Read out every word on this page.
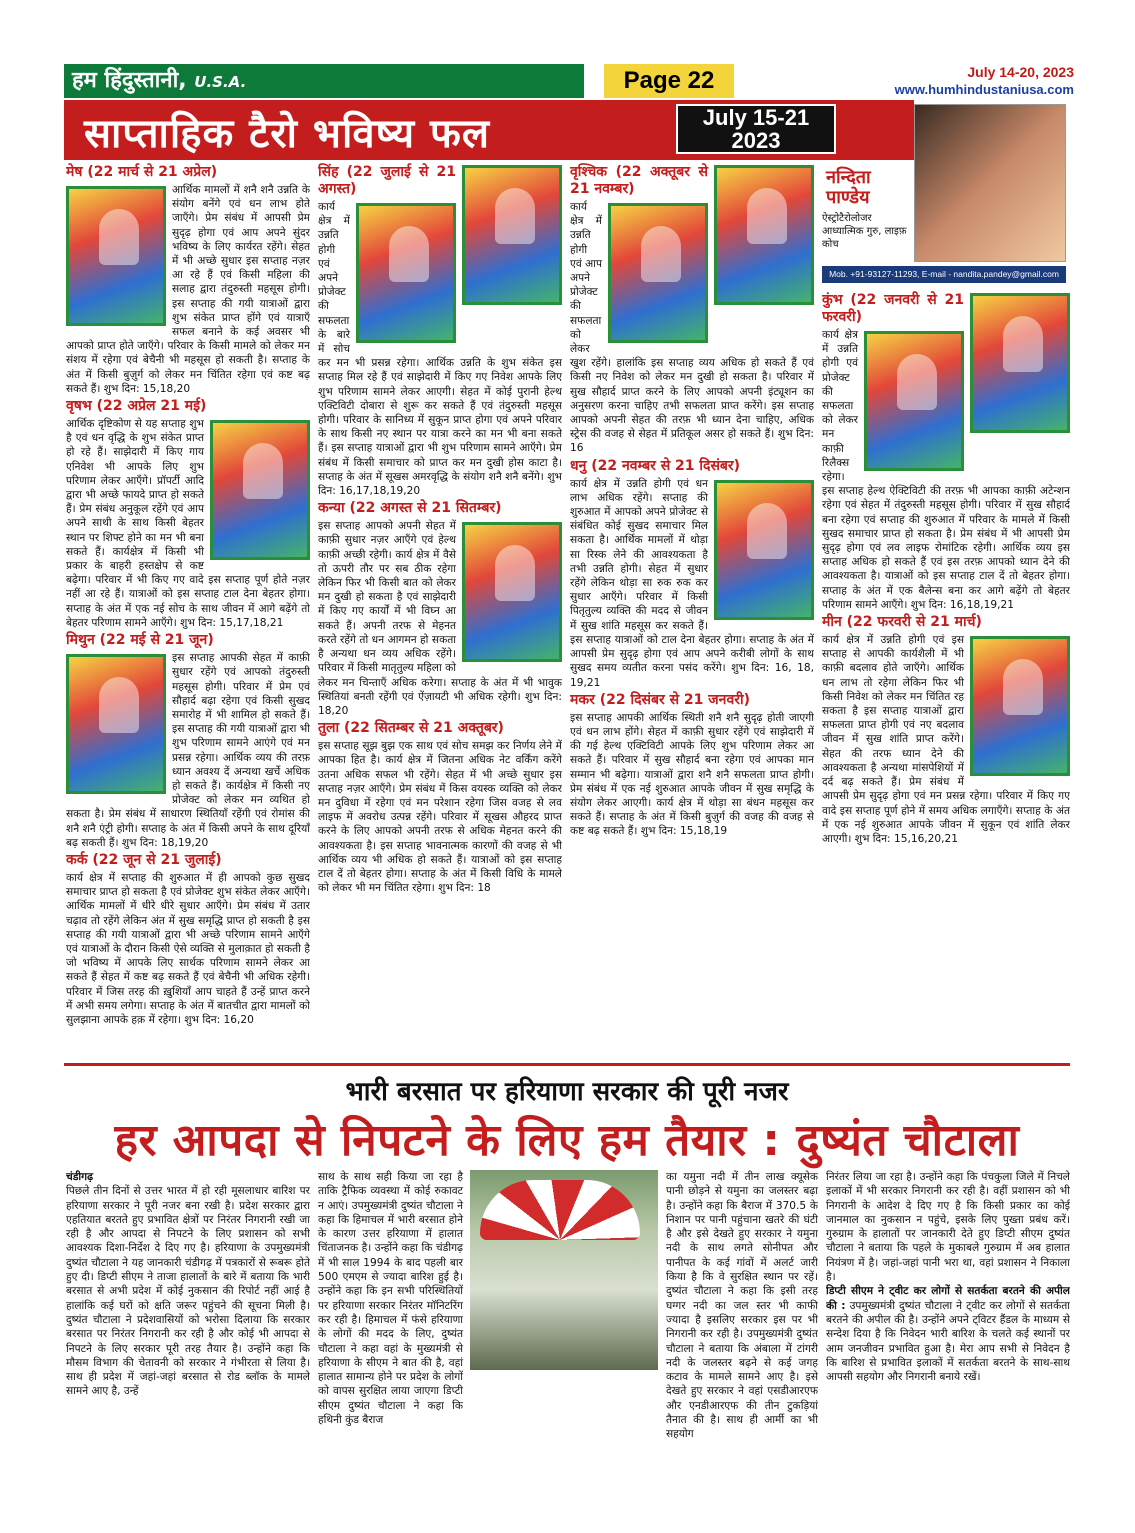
हम हिंदुस्तानी, U.S.A.	Page 22	July 14-20, 2023
www.humhindustaniusa.com
साप्ताहिक टैरो भविष्य फल	July 15-21
2023
नन्दिता
पाण्डेय
ऐस्ट्रोटैरोलोजर आध्यात्मिक गुरु, लाइफ़ कोच
Mob. +91-93127-11293, E-mail - nandita.pandey@gmail.com
मेष (22 मार्च से 21 अप्रेल)

आर्थिक मामलों में शनै शनै उन्नति के संयोग बनेंगे एवं धन लाभ होते जाएँगे। प्रेम संबंध में आपसी प्रेम सुदृढ़ होगा एवं आप अपने सुंदर भविष्य के लिए कार्यरत रहेंगे। सेहत में भी अच्छे सुधार इस सप्ताह नज़र आ रहे हैं एवं किसी महिला की सलाह द्वारा तंदुरुस्ती महसूस होगी। इस सप्ताह की गयी यात्राओं द्वारा शुभ संकेत प्राप्त होंगे एवं यात्राएँ सफल बनाने के कई अवसर भी आपको प्राप्त होते जाएँगे। परिवार के किसी मामले को लेकर मन संशय में रहेगा एवं बेचैनी भी महसूस हो सकती है। सप्ताह के अंत में किसी बुज़ुर्ग को लेकर मन चिंतित रहेगा एवं कष्ट बढ़ सकते हैं। शुभ दिन: 15,18,20

वृषभ (22 अप्रेल 21 मई)

आर्थिक दृष्टिकोण से यह सप्ताह शुभ है एवं धन वृद्धि के शुभ संकेत प्राप्त हो रहे हैं। साझेदारी में किए गाय एनिवेश भी आपके लिए शुभ परिणाम लेकर आएँगे। प्रॉपर्टी आदि द्वारा भी अच्छे फायदे प्राप्त हो सकते हैं। प्रेम संबंध अनुकूल रहेंगे एवं आप अपने साथी के साथ किसी बेहतर स्थान पर शिफ्ट होने का मन भी बना सकते हैं। कार्यक्षेत्र में किसी भी प्रकार के बाहरी हस्तक्षेप से कष्ट बढ़ेगा। परिवार में भी किए गए वादे इस सप्ताह पूर्ण होते नज़र नहीं आ रहे हैं। यात्राओं को इस सप्ताह टाल देना बेहतर होगा। सप्ताह के अंत में एक नई सोच के साथ जीवन में आगे बढ़ेंगे तो बेहतर परिणाम सामने आएँगे। शुभ दिन: 15,17,18,21

मिथुन (22 मई से 21 जून)

इस सप्ताह आपकी सेहत में काफ़ी सुधार रहेंगे एवं आपको तंदुरुस्ती महसूस होगी। परिवार में प्रेम एवं सौहार्द बढ़ा रहेगा एवं किसी सुखद समारोह में भी शामिल हो सकते हैं। इस सप्ताह की गयी यात्राओं द्वारा भी शुभ परिणाम सामने आएंगे एवं मन प्रसन्न रहेगा। आर्थिक व्यय की तरफ़ ध्यान अवश्य दें अन्यथा खर्चे अधिक हो सकते हैं। कार्यक्षेत्र में किसी नए प्रोजेक्ट को लेकर मन व्यथित हो सकता है। प्रेम संबंध में साधारण स्थितियाँ रहेंगी एवं रोमांस की शनै शनै एंट्री होगी। सप्ताह के अंत में किसी अपने के साथ दूरियाँ बढ़ सकती हैं। शुभ दिन: 18,19,20

कर्क (22 जून से 21 जुलाई)

कार्य क्षेत्र में सप्ताह की शुरुआत में ही आपको कुछ सुखद समाचार प्राप्त हो सकता है एवं प्रोजेक्ट शुभ संकेत लेकर आएँगे। आर्थिक मामलों में धीरे धीरे सुधार आएँगे। प्रेम संबंध में उतार चढ़ाव तो रहेंगे लेकिन अंत में सुख समृद्धि प्राप्त हो सकती है इस सप्ताह की गयी यात्राओं द्वारा भी अच्छे परिणाम सामने आएँगे एवं यात्राओं के दौरान किसी ऐसे व्यक्ति से मुलाक़ात हो सकती है जो भविष्य में आपके लिए सार्थक परिणाम सामने लेकर आ सकते हैं सेहत में कष्ट बढ़ सकते हैं एवं बेचैनी भी अधिक रहेगी। परिवार में जिस तरह की ख़ुशियाँ आप चाहते हैं उन्हें प्राप्त करने में अभी समय लगेगा। सप्ताह के अंत में बातचीत द्वारा मामलों को सुलझाना आपके हक़ में रहेगा। शुभ दिन: 16,20

सिंह (22 जुलाई से 21 अगस्त)

कार्य क्षेत्र में उन्नति होगी एवं अपने प्रोजेक्ट की सफलता के बारे में सोच कर मन भी प्रसन्न रहेगा। आर्थिक उन्नति के शुभ संकेत इस सप्ताह मिल रहे हैं एवं साझेदारी में किए गए निवेश आपके लिए शुभ परिणाम सामने लेकर आएगी। सेहत में कोई पुरानी हेल्थ एक्टिविटी दोबारा से शुरू कर सकते हैं एवं तंदुरुस्ती महसूस होगी। परिवार के सानिध्य में सुकून प्राप्त होगा एवं अपने परिवार के साथ किसी नए स्थान पर यात्रा करने का मन भी बना सकते हैं। इस सप्ताह यात्राओं द्वारा भी शुभ परिणाम सामने आएँगे। प्रेम संबंध में किसी समाचार को प्राप्त कर मन दुखी होस काटा है। सप्ताह के अंत में सूखस अमरवृद्धि के संयोग शनै शनै बनेंगे। शुभ दिन: 16,17,18,19,20

कन्या (22 अगस्त से 21 सितम्बर)

इस सप्ताह आपको अपनी सेहत में काफ़ी सुधार नज़र आएँगे एवं हेल्थ काफ़ी अच्छी रहेगी। कार्य क्षेत्र में वैसे तो ऊपरी तौर पर सब ठीक रहेगा लेकिन फिर भी किसी बात को लेकर मन दुखी हो सकता है एवं साझेदारी में किए गए कार्यों में भी विघ्न आ सकते हैं। अपनी तरफ से मेहनत करते रहेंगे तो धन आगमन हो सकता है अन्यथा धन व्यय अधिक रहेंगे। परिवार में किसी मातृतुल्य महिला को लेकर मन चिन्ताएँ अधिक करेगा। सप्ताह के अंत में भी भावुक स्थितियां बनती रहेंगी एवं ऐंज़ायटी भी अधिक रहेगी। शुभ दिन: 18,20

तुला (22 सितम्बर से 21 अक्तूबर)

इस सप्ताह सूझ बुझ एक साथ एवं सोच समझ कर निर्णय लेने में आपका हित है। कार्य क्षेत्र में जितना अधिक नेट वर्किंग करेंगे उतना अधिक सफल भी रहेंगे। सेहत में भी अच्छे सुधार इस सप्ताह नज़र आएँगे। प्रेम संबंध में किस वयस्क व्यक्ति को लेकर मन दुविधा में रहेगा एवं मन परेशान रहेगा जिस वजह से लव लाइफ में अवरोध उत्पन्न रहेंगे। परिवार में सूखस औहरद प्राप्त करने के लिए आपको अपनी तरफ से अधिक मेहनत करने की आवश्यकता है। इस सप्ताह भावनात्मक कारणों की वजह से भी आर्थिक व्यय भी अधिक हो सकते हैं। यात्राओं को इस सप्ताह टाल दें तो बेहतर होगा। सप्ताह के अंत में किसी विधि के मामले को लेकर भी मन चिंतित रहेगा। शुभ दिन: 18

वृश्चिक (22 अक्तूबर से 21 नवम्बर)

कार्य क्षेत्र में उन्नति होगी एवं आप अपने प्रोजेक्ट की सफलता को लेकर खुश रहेंगे। हालांकि इस सप्ताह व्यय अधिक हो सकते हैं एवं किसी नए निवेश को लेकर मन दुखी हो सकता है। परिवार में सुख सौहार्द प्राप्त करने के लिए आपको अपनी इंट्यूशन का अनुसरण करना चाहिए तभी सफलता प्राप्त करेंगे। इस सप्ताह आपको अपनी सेहत की तरफ़ भी ध्यान देना चाहिए, अधिक स्ट्रेस की वजह से सेहत में प्रतिकूल असर हो सकते हैं। शुभ दिन: 16

धनु (22 नवम्बर से 21 दिसंबर)

कार्य क्षेत्र में उन्नति होगी एवं धन लाभ अधिक रहेंगे। सप्ताह की शुरुआत में आपको अपने प्रोजेक्ट से संबंधित कोई सुखद समाचार मिल सकता है। आर्थिक मामलों में थोड़ा सा रिस्क लेने की आवश्यकता है तभी उन्नति होगी। सेहत में सुधार रहेंगे लेकिन थोड़ा सा रुक रुक कर सुधार आएँगे। परिवार में किसी पितृतुल्य व्यक्ति की मदद से जीवन में सुख शांति महसूस कर सकते हैं। इस सप्ताह यात्राओं को टाल देना बेहतर होगा। सप्ताह के अंत में आपसी प्रेम सुदृढ़ होगा एवं आप अपने करीबी लोगों के साथ सुखद समय व्यतीत करना पसंद करेंगे। शुभ दिन: 16, 18, 19,21

मकर (22 दिसंबर से 21 जनवरी)

इस सप्ताह आपकी आर्थिक स्थिती शनै शनै सुदृढ़ होती जाएगी एवं धन लाभ होंगे। सेहत में काफ़ी सुधार रहेंगे एवं साझेदारी में की गई हेल्थ एक्टिविटी आपके लिए शुभ परिणाम लेकर आ सकते हैं। परिवार में सुख सौहार्द बना रहेगा एवं आपका मान सम्मान भी बढ़ेगा। यात्राओं द्वारा शनै शनै सफलता प्राप्त होगी। प्रेम संबंध में एक नई शुरुआत आपके जीवन में सुख समृद्धि के संयोग लेकर आएगी। कार्य क्षेत्र में थोड़ा सा बंधन महसूस कर सकते हैं। सप्ताह के अंत में किसी बुज़ुर्ग की वजह की वजह से कष्ट बढ़ सकते हैं। शुभ दिन: 15,18,19

कुंभ (22 जनवरी से 21 फरवरी)

कार्य क्षेत्र में उन्नति होगी एवं प्रोजेक्ट की सफलता को लेकर मन काफ़ी रिलैक्स रहेगा। इस सप्ताह हेल्थ ऐक्टिविटी की तरफ़ भी आपका काफ़ी अटेन्शन रहेगा एवं सेहत में तंदुरुस्ती महसूस होगी। परिवार में सुख सौहार्द बना रहेगा एवं सप्ताह की शुरुआत में परिवार के मामले में किसी सुखद समाचार प्राप्त हो सकता है। प्रेम संबंध में भी आपसी प्रेम सुदृढ़ होगा एवं लव लाइफ रोमांटिक रहेगी। आर्थिक व्यय इस सप्ताह अधिक हो सकते हैं एवं इस तरफ़ आपको ध्यान देने की आवश्यकता है। यात्राओं को इस सप्ताह टाल दें तो बेहतर होगा। सप्ताह के अंत में एक बैलेन्स बना कर आगे बढ़ेंगे तो बेहतर परिणाम सामने आएँगे। शुभ दिन: 16,18,19,21

मीन (22 फरवरी से 21 मार्च)

कार्य क्षेत्र में उन्नति होगी एवं इस सप्ताह से आपकी कार्यशैली में भी काफ़ी बदलाव होते जाएँगे। आर्थिक धन लाभ तो रहेगा लेकिन फिर भी किसी निवेश को लेकर मन चिंतित रह सकता है इस सप्ताह यात्राओं द्वारा सफलता प्राप्त होगी एवं नए बदलाव जीवन में सुख शांति प्राप्त करेंगे। सेहत की तरफ ध्यान देने की आवश्यकता है अन्यथा मांसपेशियों में दर्द बढ़ सकते हैं। प्रेम संबंध में आपसी प्रेम सुदृढ़ होगा एवं मन प्रसन्न रहेगा। परिवार में किए गए वादे इस सप्ताह पूर्ण होने में समय अधिक लगाएँगे। सप्ताह के अंत में एक नई शुरुआत आपके जीवन में सुकून एवं शांति लेकर आएगी। शुभ दिन: 15,16,20,21

भारी बरसात पर हरियाणा सरकार की पूरी नजर
हर आपदा से निपटने के लिए हम तैयार : दुष्यंत चौटाला
चंडीगढ़

पिछले तीन दिनों से उत्तर भारत में हो रही मूसलाधार बारिश पर हरियाणा सरकार ने पूरी नजर बना रखी है। प्रदेश सरकार द्वारा एहतियात बरतते हुए प्रभावित क्षेत्रों पर निरंतर निगरानी रखी जा रही है और आपदा से निपटने के लिए प्रशासन को सभी आवश्यक दिशा-निर्देश दे दिए गए है। हरियाणा के उपमुख्यमंत्री दुष्यंत चौटाला ने यह जानकारी चंडीगढ़ में पत्रकारों से रूबरू होते हुए दी। डिप्टी सीएम ने ताजा हालातों के बारे में बताया कि भारी बरसात से अभी प्रदेश में कोई नुकसान की रिपोर्ट नहीं आई है हालांकि कई घरों को क्षति जरूर पहुंचने की सूचना मिली है। दुष्यंत चौटाला ने प्रदेशवासियों को भरोसा दिलाया कि सरकार बरसात पर निरंतर निगरानी कर रही है और कोई भी आपदा से निपटने के लिए सरकार पूरी तरह तैयार है। उन्होंने कहा कि मौसम विभाग की चेतावनी को सरकार ने गंभीरता से लिया है। साथ ही प्रदेश में जहां-जहां बरसात से रोड ब्लॉक के मामले सामने आए है, उन्हें

साथ के साथ सही किया जा रहा है ताकि ट्रैफिक व्यवस्था में कोई रुकावट न आएं। उपमुख्यमंत्री दुष्यंत चौटाला ने कहा कि हिमाचल में भारी बरसात होने के कारण उत्तर हरियाणा में हालात चिंताजनक है। उन्होंने कहा कि चंडीगढ़ में भी साल 1994 के बाद पहली बार 500 एमएम से ज्यादा बारिश हुई है। उन्होंने कहा कि इन सभी परिस्थितियों पर हरियाणा सरकार निरंतर मॉनिटरिंग कर रही है। हिमाचल में फंसे हरियाणा के लोगों की मदद के लिए, दुष्यंत चौटाला ने कहा वहां के मुख्यमंत्री से हरियाणा के सीएम ने बात की है, वहां हालात सामान्य होने पर प्रदेश के लोगों को वापस सुरक्षित लाया जाएगा डिप्टी सीएम दुष्यंत चौटाला ने कहा कि हथिनी कुंड बैराज

का यमुना नदी में तीन लाख क्यूसेक पानी छोड़ने से यमुना का जलस्तर बढ़ा है। उन्होंने कहा कि बैराज में 370.5 के निशान पर पानी पहुंचाना खतरे की घंटी है और इसे देखते हुए सरकार ने यमुना नदी के साथ लगते सोनीपत और पानीपत के कई गांवों में अलर्ट जारी किया है कि वे सुरक्षित स्थान पर रहें। दुष्यंत चौटाला ने कहा कि इसी तरह घग्गर नदी का जल स्तर भी काफी ज्यादा है इसलिए सरकार इस पर भी निगरानी कर रही है। उपमुख्यमंत्री दुष्यंत चौटाला ने बताया कि अंबाला में टांगरी नदी के जलस्तर बढ़ने से कई जगह कटाव के मामले सामने आए है। इसे देखते हुए सरकार ने वहां एसडीआरएफ और एनडीआरएफ की तीन टुकड़ियां तैनात की है। साथ ही आर्मी का भी सहयोग

निरंतर लिया जा रहा है। उन्होंने कहा कि पंचकुला जिले में निचले इलाकों में भी सरकार निगरानी कर रही है। वहीं प्रशासन को भी निगरानी के आदेश दे दिए गए है कि किसी प्रकार का कोई जानमाल का नुकसान न पहुंचे, इसके लिए पुख्ता प्रबंध करें। गुरुग्राम के हालातों पर जानकारी देते हुए डिप्टी सीएम दुष्यंत चौटाला ने बताया कि पहले के मुकाबले गुरुग्राम में अब हालात नियंत्रण में है। जहां-जहां पानी भरा था, वहां प्रशासन ने निकाला है।

डिप्टी सीएम ने ट्वीट कर लोगों से सतर्कता बरतने की अपील की : उपमुख्यमंत्री दुष्यंत चौटाला ने ट्वीट कर लोगों से सतर्कता बरतने की अपील की है। उन्होंने अपने ट्विटर हैंडल के माध्यम से सन्देश दिया है कि निवेदन भारी बारिश के चलते कई स्थानों पर आम जनजीवन प्रभावित हुआ है। मेरा आप सभी से निवेदन है कि बारिश से प्रभावित इलाकों में सतर्कता बरतने के साथ-साथ आपसी सहयोग और निगरानी बनाये रखें।
